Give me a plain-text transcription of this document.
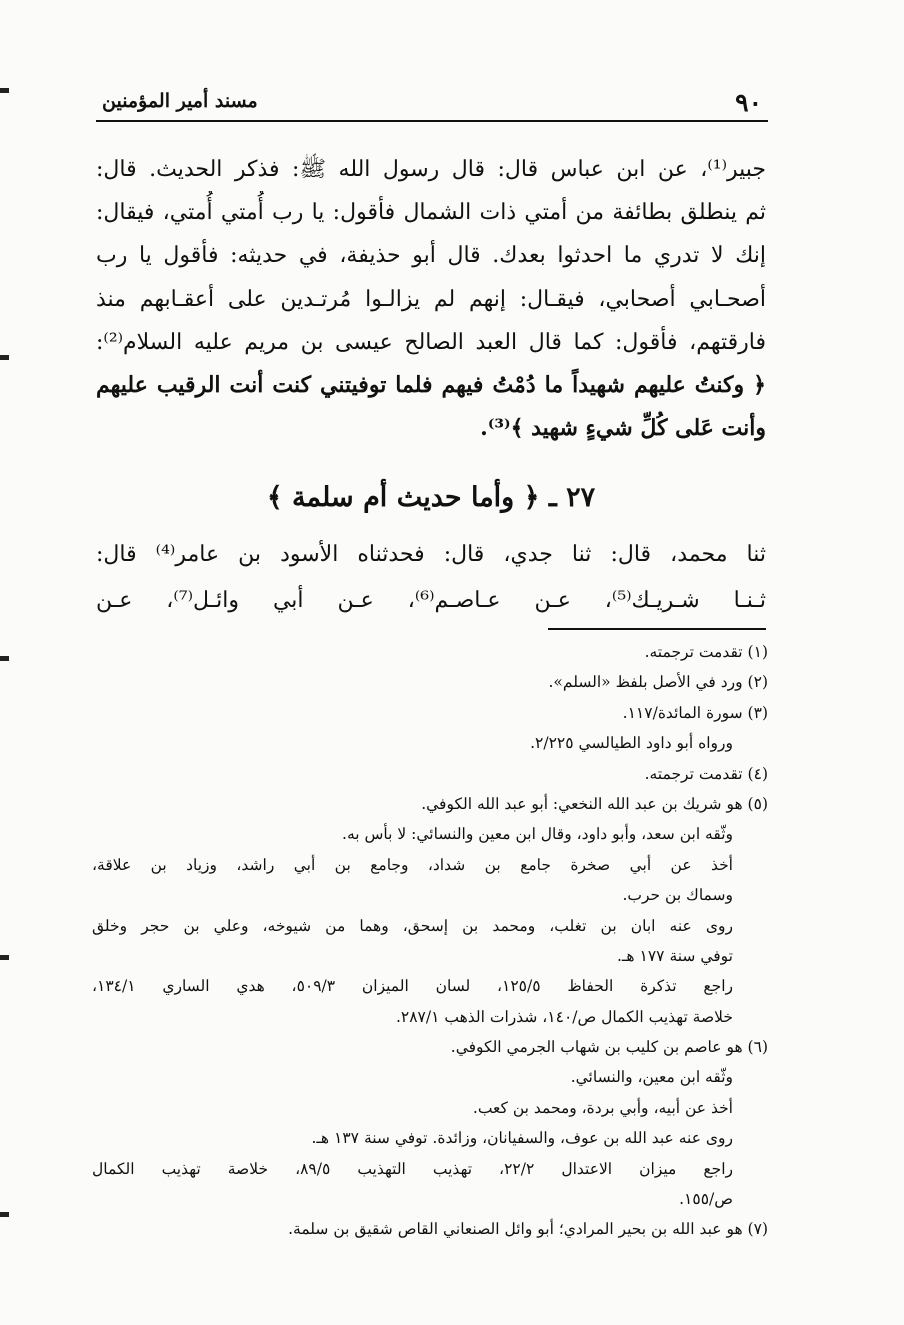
٩٠
مسند أمير المؤمنين
جبير⁽¹⁾، عن ابن عباس قال: قال رسول الله ﷺ: فذكر الحديث. قال:
ثم ينطلق بطائفة من أمتي ذات الشمال فأقول: يا رب أُمتي أُمتي، فيقال:
إنك لا تدري ما احدثوا بعدك. قال أبو حذيفة، في حديثه: فأقول يا رب
أصحـابي أصحابي، فيقـال: إنهم لم يزالـوا مُرتـدين على أعقـابهم منذ
فارقتهم، فأقول: كما قال العبد الصالح عيسى بن مريم عليه السلام⁽²⁾:
﴿ وكنتُ عليهم شهيداً ما دُمْتُ فيهم فلما توفيتني كنت أنت الرقيب عليهم
وأنت عَلى كُلِّ شيءٍ شهيد ﴾⁽³⁾.
٢٧ ـ ﴿ وأما حديث أم سلمة ﴾
ثنا محمد، قال: ثنا جدي، قال: فحدثناه الأسود بن عامر⁽⁴⁾ قال:
ثـنـا شـريـك⁽⁵⁾، عـن عـاصـم⁽⁶⁾، عـن أبي وائـل⁽⁷⁾، عـن
(١) تقدمت ترجمته.
(٢) ورد في الأصل بلفظ «السلم».
(٣) سورة المائدة/١١٧.
ورواه أبو داود الطيالسي ٢/٢٢٥.
(٤) تقدمت ترجمته.
(٥) هو شريك بن عبد الله النخعي: أبو عبد الله الكوفي.
وثّقه ابن سعد، وأبو داود، وقال ابن معين والنسائي: لا بأس به.
أخذ عن أبي صخرة جامع بن شداد، وجامع بن أبي راشد، وزياد بن علاقة،
وسماك بن حرب.
روى عنه ابان بن تغلب، ومحمد بن إسحق، وهما من شيوخه، وعلي بن حجر وخلق
توفي سنة ١٧٧ هـ.
راجع تذكرة الحفاظ ١٢٥/٥، لسان الميزان ٥٠٩/٣، هدي الساري ١٣٤/١،
خلاصة تهذيب الكمال ص/١٤٠، شذرات الذهب ٢٨٧/١.
(٦) هو عاصم بن كليب بن شهاب الجرمي الكوفي.
وثّقه ابن معين، والنسائي.
أخذ عن أبيه، وأبي بردة، ومحمد بن كعب.
روى عنه عبد الله بن عوف، والسفيانان، وزائدة. توفي سنة ١٣٧ هـ.
راجع ميزان الاعتدال ٢٢/٢، تهذيب التهذيب ٨٩/٥، خلاصة تهذيب الكمال
ص/١٥٥.
(٧) هو عبد الله بن بحير المرادي؛ أبو وائل الصنعاني القاص شقيق بن سلمة.
